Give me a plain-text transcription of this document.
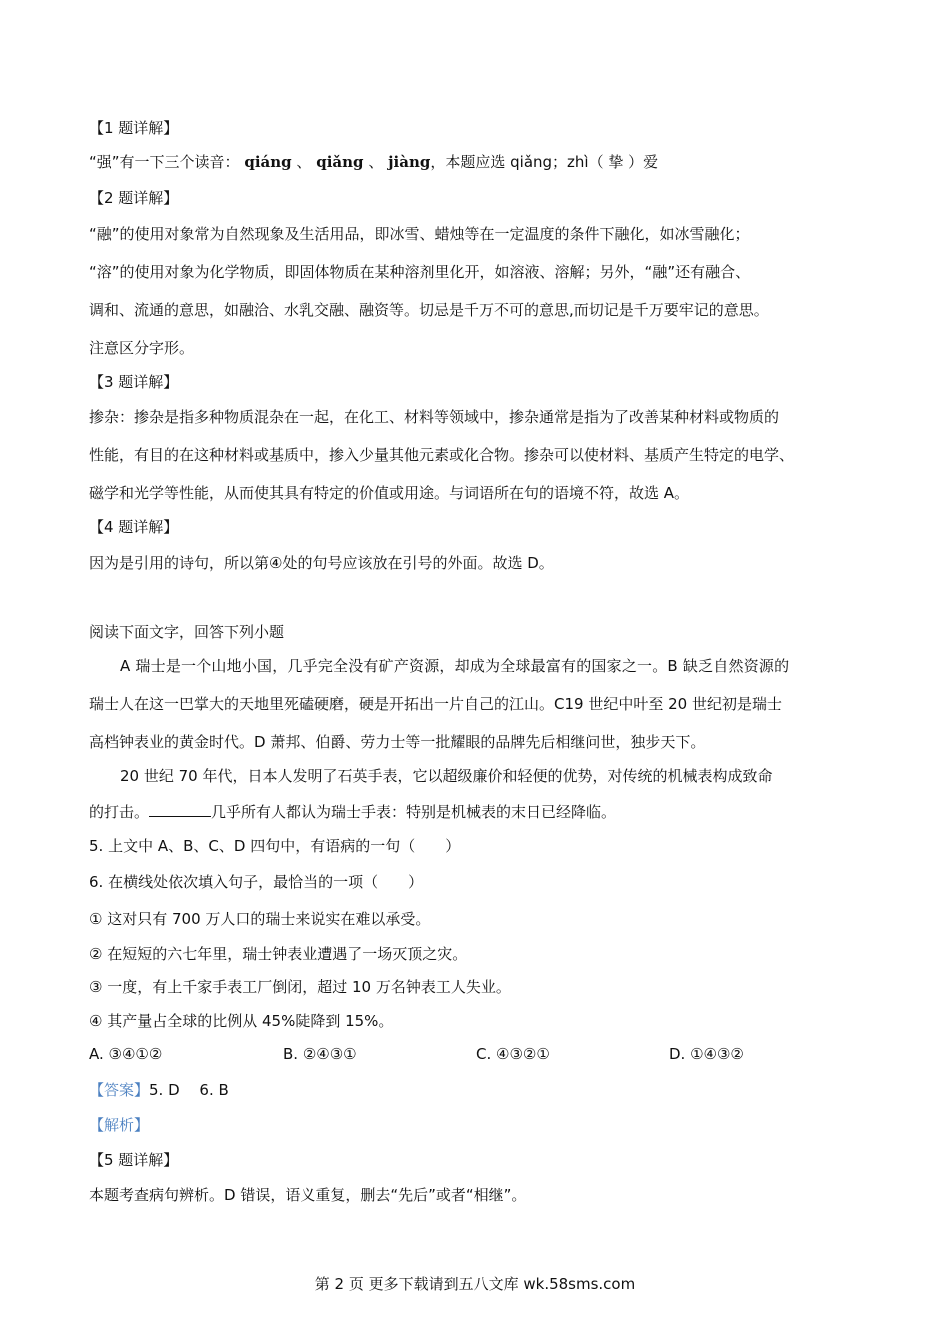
【1 题详解】
“强”有一下三个读音： qiáng 、 qiǎng 、 jiàng，本题应选 qiǎng；zhì（ 挚 ）爱
【2 题详解】
“融”的使用对象常为自然现象及生活用品，即冰雪、蜡烛等在一定温度的条件下融化，如冰雪融化；
“溶”的使用对象为化学物质，即固体物质在某种溶剂里化开，如溶液、溶解；另外，“融”还有融合、
调和、流通的意思，如融洽、水乳交融、融资等。切忌是千万不可的意思,而切记是千万要牢记的意思。
注意区分字形。
【3 题详解】
掺杂：掺杂是指多种物质混杂在一起，在化工、材料等领域中，掺杂通常是指为了改善某种材料或物质的
性能，有目的在这种材料或基质中，掺入少量其他元素或化合物。掺杂可以使材料、基质产生特定的电学、
磁学和光学等性能，从而使其具有特定的价值或用途。与词语所在句的语境不符，故选 A。
【4 题详解】
因为是引用的诗句，所以第④处的句号应该放在引号的外面。故选 D。
阅读下面文字，回答下列小题
A 瑞士是一个山地小国，几乎完全没有矿产资源，却成为全球最富有的国家之一。B 缺乏自然资源的
瑞士人在这一巴掌大的天地里死磕硬磨，硬是开拓出一片自己的江山。C19 世纪中叶至 20 世纪初是瑞士
高档钟表业的黄金时代。D 萧邦、伯爵、劳力士等一批耀眼的品牌先后相继问世，独步天下。
20 世纪 70 年代，日本人发明了石英手表，它以超级廉价和轻便的优势，对传统的机械表构成致命
的打击。	几乎所有人都认为瑞士手表：特别是机械表的末日已经降临。
5. 上文中 A、B、C、D 四句中，有语病的一句（　　）
6. 在横线处依次填入句子，最恰当的一项（　　）
① 这对只有 700 万人口的瑞士来说实在难以承受。
② 在短短的六七年里，瑞士钟表业遭遇了一场灭顶之灾。
③ 一度，有上千家手表工厂倒闭，超过 10 万名钟表工人失业。
④ 其产量占全球的比例从 45%陡降到 15%。
A. ③④①②	B. ②④③①	C. ④③②①	D. ①④③②
【答案】5. D　 6. B
【解析】
【5 题详解】
本题考查病句辨析。D 错误，语义重复，删去“先后”或者“相继”。
第 2 页 更多下载请到五八文库 wk.58sms.com
